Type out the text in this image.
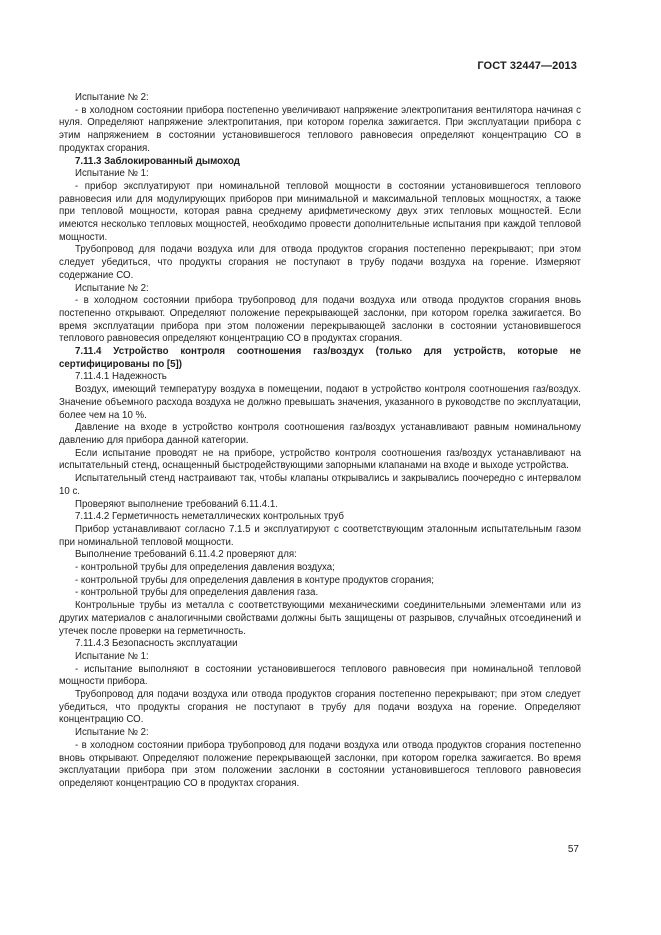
ГОСТ 32447—2013

Испытание № 2:

- в холодном состоянии прибора постепенно увеличивают напряжение электропитания вентилятора начиная с нуля. Определяют напряжение электропитания, при котором горелка зажигается. При эксплуатации прибора с этим напряжением в состоянии установившегося теплового равновесия определяют концентрацию СО в продуктах сгорания.

7.11.3 Заблокированный дымоход

Испытание № 1:

- прибор эксплуатируют при номинальной тепловой мощности в состоянии установившегося теплового равновесия или для модулирующих приборов при минимальной и максимальной тепловых мощностях, а также при тепловой мощности, которая равна среднему арифметическому двух этих тепловых мощностей. Если имеются несколько тепловых мощностей, необходимо провести дополнительные испытания при каждой тепловой мощности.

Трубопровод для подачи воздуха или для отвода продуктов сгорания постепенно перекрывают; при этом следует убедиться, что продукты сгорания не поступают в трубу подачи воздуха на горение. Измеряют содержание СО.

Испытание № 2:

- в холодном состоянии прибора трубопровод для подачи воздуха или отвода продуктов сгорания вновь постепенно открывают. Определяют положение перекрывающей заслонки, при котором горелка зажигается. Во время эксплуатации прибора при этом положении перекрывающей заслонки в состоянии установившегося теплового равновесия определяют концентрацию СО в продуктах сгорания.

7.11.4 Устройство контроля соотношения газ/воздух (только для устройств, которые не сертифицированы по [5])

7.11.4.1 Надежность

Воздух, имеющий температуру воздуха в помещении, подают в устройство контроля соотношения газ/воздух. Значение объемного расхода воздуха не должно превышать значения, указанного в руководстве по эксплуатации, более чем на 10 %.

Давление на входе в устройство контроля соотношения газ/воздух устанавливают равным номинальному давлению для прибора данной категории.

Если испытание проводят не на приборе, устройство контроля соотношения газ/воздух устанавливают на испытательный стенд, оснащенный быстродействующими запорными клапанами на входе и выходе устройства.

Испытательный стенд настраивают так, чтобы клапаны открывались и закрывались поочередно с интервалом 10 с.

Проверяют выполнение требований 6.11.4.1.

7.11.4.2 Герметичность неметаллических контрольных труб

Прибор устанавливают согласно 7.1.5 и эксплуатируют с соответствующим эталонным испытательным газом при номинальной тепловой мощности.

Выполнение требований 6.11.4.2 проверяют для:

- контрольной трубы для определения давления воздуха;

- контрольной трубы для определения давления в контуре продуктов сгорания;

- контрольной трубы для определения давления газа.

Контрольные трубы из металла с соответствующими механическими соединительными элементами или из других материалов с аналогичными свойствами должны быть защищены от разрывов, случайных отсоединений и утечек после проверки на герметичность.

7.11.4.3 Безопасность эксплуатации

Испытание № 1:

- испытание выполняют в состоянии установившегося теплового равновесия при номинальной тепловой мощности прибора.

Трубопровод для подачи воздуха или отвода продуктов сгорания постепенно перекрывают; при этом следует убедиться, что продукты сгорания не поступают в трубу для подачи воздуха на горение. Определяют концентрацию СО.

Испытание № 2:

- в холодном состоянии прибора трубопровод для подачи воздуха или отвода продуктов сгорания постепенно вновь открывают. Определяют положение перекрывающей заслонки, при котором горелка зажигается. Во время эксплуатации прибора при этом положении заслонки в состоянии установившегося теплового равновесия определяют концентрацию СО в продуктах сгорания.

57
